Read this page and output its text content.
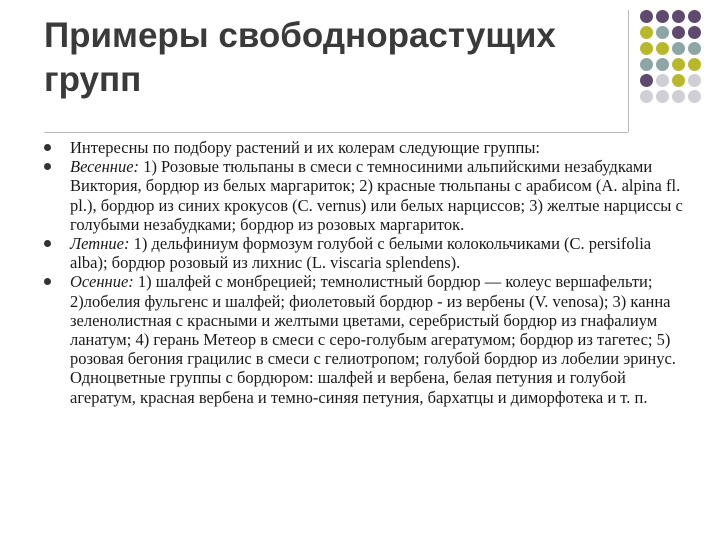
Примеры свободнорастущих групп
Интересны по подбору растений и их колерам следующие группы:
Весенние: 1) Розовые тюльпаны в смеси с темносиними альпийскими незабудками Виктория, бордюр из белых маргариток; 2) красные тюльпаны с арабисом (A. alpina fl. pl.), бордюр из синих крокусов (C. vernus) или белых нарциссов; 3) желтые нарциссы с голубыми незабудками; бордюр из розовых маргариток.
Летние: 1) дельфиниум формозум голубой с белыми колокольчиками (C. persifolia alba); бордюр розовый из лихнис (L. viscaria splendens).
Осенние: 1) шалфей с монбрецией; темнолистный бордюр — колеус вершафельти; 2)лобелия фульгенс и шалфей; фиолетовый бордюр - из вербены (V. venosa); 3) канна зеленолистная с красными и желтыми цветами, серебристый бордюр из гнафалиум ланатум; 4) герань Метеор в смеси с серо-голубым агератумом; бордюр из тагетес; 5) розовая бегония грацилис в смеси с гелиотропом; голубой бордюр из лобелии эринус. Одноцветные группы с бордюром: шалфей и вербена, белая петуния и голубой агератум, красная вербена и темно-синяя петуния, бархатцы и диморфотека и т. п.
